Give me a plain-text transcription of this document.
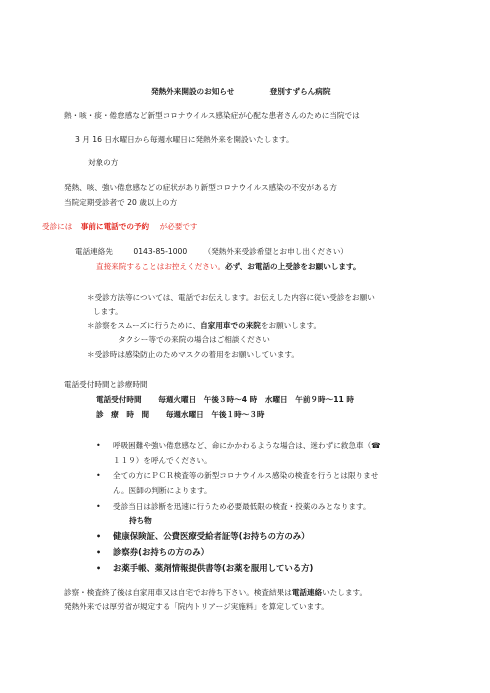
発熱外来開設のお知らせ	登別すずらん病院
熱・咳・痰・倦怠感など新型コロナウイルス感染症が心配な患者さんのために当院では
3 月 16 日水曜日から毎週水曜日に発熱外来を開設いたします。
対象の方
発熱、咳、強い倦怠感などの症状があり新型コロナウイルス感染の不安がある方
当院定期受診者で 20 歳以上の方
受診には 事前に電話での予約 が必要です
電話連絡先	0143-85-1000 （発熱外来受診希望とお申し出ください）
直接来院することはお控えください。必ず、お電話の上受診をお願いします。
＊受診方法等については、電話でお伝えします。お伝えした内容に従い受診をお願い
します。
＊診察をスムーズに行うために、自家用車での来院をお願いします。
タクシー等での来院の場合はご相談ください
＊受診時は感染防止のためマスクの着用をお願いしています。
電話受付時間と診療時間
電話受付時間 毎週火曜日　午後３時～4 時　水曜日　午前９時～11 時
診　療　時　間 毎週水曜日　午後１時～３時
• 呼吸困難や強い倦怠感など、命にかかわるような場合は、迷わずに救急車（☎
１１９）を呼んでください。
• 全ての方にＰＣＲ検査等の新型コロナウイルス感染の検査を行うとは限りませ
ん。医師の判断によります。
• 受診当日は診断を迅速に行うため必要最低限の検査・投薬のみとなります。
持ち物
• 健康保険証、公費医療受給者証等(お持ちの方のみ）
• 診察券(お持ちの方のみ）
• お薬手帳、薬剤情報提供書等(お薬を服用している方)
診察・検査終了後は自家用車又は自宅でお待ち下さい。検査結果は電話連絡いたします。
発熱外来では厚労省が規定する「院内トリアージ実施料」を算定しています。
